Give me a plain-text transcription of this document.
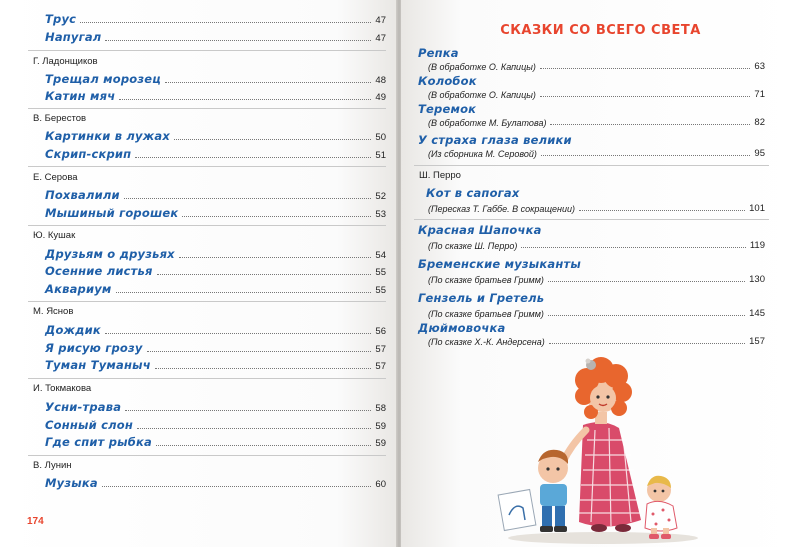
Трус	47
Напугал	47
Г. Ладонщиков
Трещал морозец	48
Катин мяч	49
В. Берестов
Картинки в лужах	50
Скрип-скрип	51
Е. Серова
Похвалили	52
Мышиный горошек	53
Ю. Кушак
Друзьям о друзьях	54
Осенние листья	55
Аквариум	55
М. Яснов
Дождик	56
Я рисую грозу	57
Туман Туманыч	57
И. Токмакова
Усни-трава	58
Сонный слон	59
Где спит рыбка	59
В. Лунин
Музыка	60
174
СКАЗКИ СО ВСЕГО СВЕТА
Репка
(В обработке О. Капицы)	63
Колобок
(В обработке О. Капицы)	71
Теремок
(В обработке М. Булатова)	82
У страха глаза велики
(Из сборника М. Серовой)	95
Ш. Перро
Кот в сапогах
(Пересказ Т. Габбе. В сокращении)	101
Красная Шапочка
(По сказке Ш. Перро)	119
Бременские музыканты
(По сказке братьев Гримм)	130
Гензель и Гретель
(По сказке братьев Гримм)	145
Дюймовочка
(По сказке Х.-К. Андерсена)	157
